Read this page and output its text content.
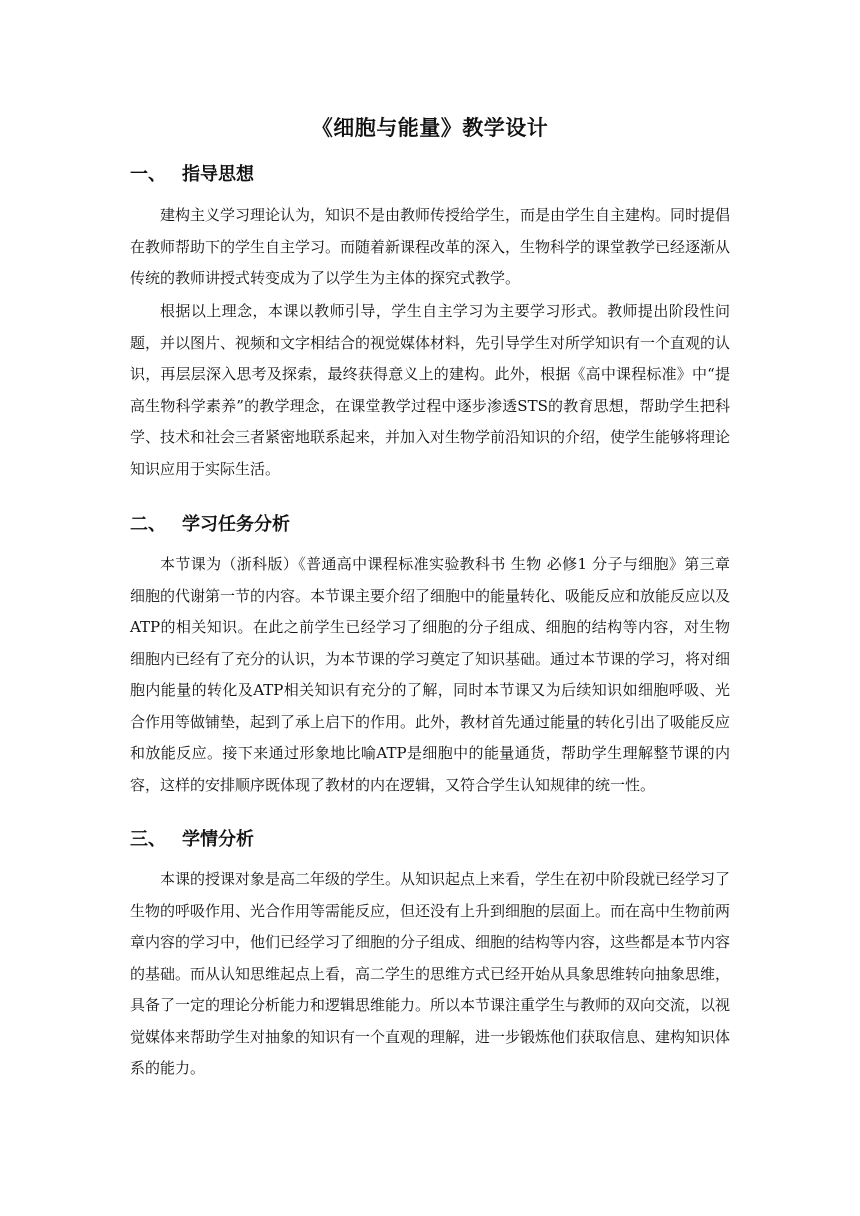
《细胞与能量》教学设计
一、 指导思想

建构主义学习理论认为，知识不是由教师传授给学生，而是由学生自主建构。同时提倡在教师帮助下的学生自主学习。而随着新课程改革的深入，生物科学的课堂教学已经逐渐从传统的教师讲授式转变成为了以学生为主体的探究式教学。

根据以上理念，本课以教师引导，学生自主学习为主要学习形式。教师提出阶段性问题，并以图片、视频和文字相结合的视觉媒体材料，先引导学生对所学知识有一个直观的认识，再层层深入思考及探索，最终获得意义上的建构。此外，根据《高中课程标准》中“提高生物科学素养”的教学理念，在课堂教学过程中逐步渗透STS的教育思想，帮助学生把科学、技术和社会三者紧密地联系起来，并加入对生物学前沿知识的介绍，使学生能够将理论知识应用于实际生活。

二、 学习任务分析

本节课为（浙科版）《普通高中课程标准实验教科书 生物 必修1 分子与细胞》第三章细胞的代谢第一节的内容。本节课主要介绍了细胞中的能量转化、吸能反应和放能反应以及ATP的相关知识。在此之前学生已经学习了细胞的分子组成、细胞的结构等内容，对生物细胞内已经有了充分的认识，为本节课的学习奠定了知识基础。通过本节课的学习，将对细胞内能量的转化及ATP相关知识有充分的了解，同时本节课又为后续知识如细胞呼吸、光合作用等做铺垫，起到了承上启下的作用。此外，教材首先通过能量的转化引出了吸能反应和放能反应。接下来通过形象地比喻ATP是细胞中的能量通货，帮助学生理解整节课的内容，这样的安排顺序既体现了教材的内在逻辑，又符合学生认知规律的统一性。

三、 学情分析

本课的授课对象是高二年级的学生。从知识起点上来看，学生在初中阶段就已经学习了生物的呼吸作用、光合作用等需能反应，但还没有上升到细胞的层面上。而在高中生物前两章内容的学习中，他们已经学习了细胞的分子组成、细胞的结构等内容，这些都是本节内容的基础。而从认知思维起点上看，高二学生的思维方式已经开始从具象思维转向抽象思维，具备了一定的理论分析能力和逻辑思维能力。所以本节课注重学生与教师的双向交流，以视觉媒体来帮助学生对抽象的知识有一个直观的理解，进一步锻炼他们获取信息、建构知识体系的能力。
